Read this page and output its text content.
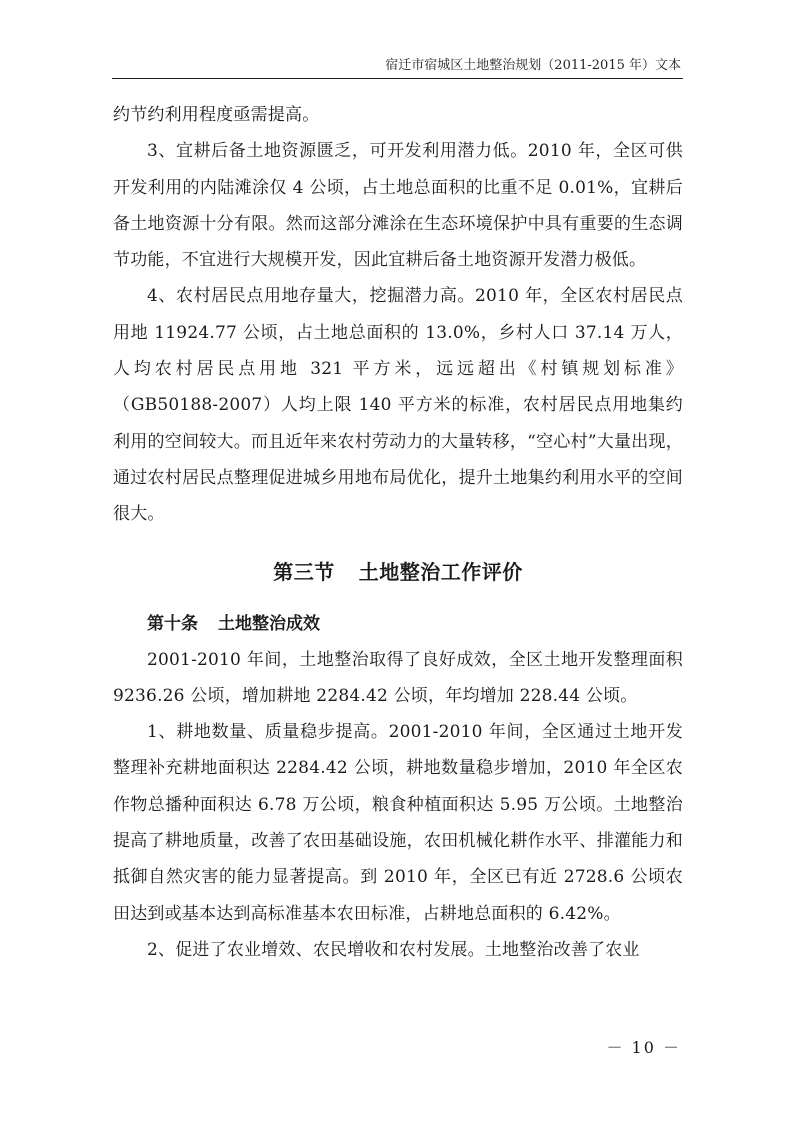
宿迁市宿城区土地整治规划（2011-2015 年）文本

约节约利用程度亟需提高。

3、宜耕后备土地资源匮乏，可开发利用潜力低。2010 年，全区可供开发利用的内陆滩涂仅 4 公顷，占土地总面积的比重不足 0.01%，宜耕后备土地资源十分有限。然而这部分滩涂在生态环境保护中具有重要的生态调节功能，不宜进行大规模开发，因此宜耕后备土地资源开发潜力极低。

4、农村居民点用地存量大，挖掘潜力高。2010 年，全区农村居民点用地 11924.77 公顷，占土地总面积的 13.0%，乡村人口 37.14 万人，人均农村居民点用地 321 平方米，远远超出《村镇规划标准》（GB50188-2007）人均上限 140 平方米的标准，农村居民点用地集约利用的空间较大。而且近年来农村劳动力的大量转移，“空心村”大量出现，通过农村居民点整理促进城乡用地布局优化，提升土地集约利用水平的空间很大。

第三节 土地整治工作评价
第十条 土地整治成效

2001-2010 年间，土地整治取得了良好成效，全区土地开发整理面积 9236.26 公顷，增加耕地 2284.42 公顷，年均增加 228.44 公顷。

1、耕地数量、质量稳步提高。2001-2010 年间，全区通过土地开发整理补充耕地面积达 2284.42 公顷，耕地数量稳步增加，2010 年全区农作物总播种面积达 6.78 万公顷，粮食种植面积达 5.95 万公顷。土地整治提高了耕地质量，改善了农田基础设施，农田机械化耕作水平、排灌能力和抵御自然灾害的能力显著提高。到 2010 年，全区已有近 2728.6 公顷农田达到或基本达到高标准基本农田标准，占耕地总面积的 6.42%。

2、促进了农业增效、农民增收和农村发展。土地整治改善了农业

－ 10 －
